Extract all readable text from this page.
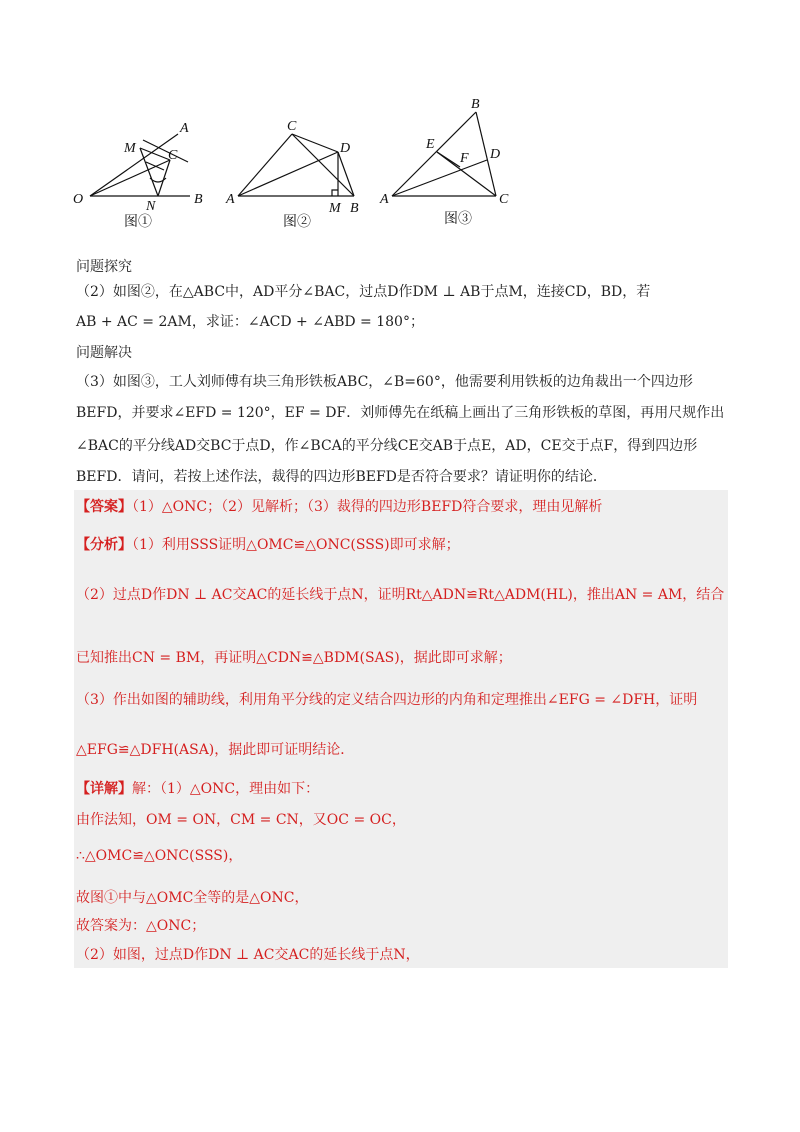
A
M C
O	N	B
图①
C
D
A
M B
图②
B
E
F D
A	C
图③
问题探究
（2）如图②，在△ABC中，AD平分∠BAC，过点D作DM ⊥ AB于点M，连接CD，BD，若
AB + AC = 2AM，求证：∠ACD + ∠ABD = 180°；
问题解决
（3）如图③，工人刘师傅有块三角形铁板ABC，∠B=60°，他需要利用铁板的边角裁出一个四边形
BEFD，并要求∠EFD = 120°，EF = DF．刘师傅先在纸稿上画出了三角形铁板的草图，再用尺规作出
∠BAC的平分线AD交BC于点D，作∠BCA的平分线CE交AB于点E，AD，CE交于点F，得到四边形
BEFD．请问，若按上述作法，裁得的四边形BEFD是否符合要求？请证明你的结论．
【答案】（1）△ONC；（2）见解析；（3）裁得的四边形BEFD符合要求，理由见解析
【分析】（1）利用SSS证明△OMC≌△ONC(SSS)即可求解；
（2）过点D作DN ⊥ AC交AC的延长线于点N，证明Rt△ADN≌Rt△ADM(HL)，推出AN = AM，结合
已知推出CN = BM，再证明△CDN≌△BDM(SAS)，据此即可求解；
（3）作出如图的辅助线，利用角平分线的定义结合四边形的内角和定理推出∠EFG = ∠DFH，证明
△EFG≌△DFH(ASA)，据此即可证明结论．
【详解】解：（1）△ONC，理由如下：
由作法知，OM = ON，CM = CN，又OC = OC，
∴△OMC≌△ONC(SSS)，
故图①中与△OMC全等的是△ONC，
故答案为：△ONC；
（2）如图，过点D作DN ⊥ AC交AC的延长线于点N，
